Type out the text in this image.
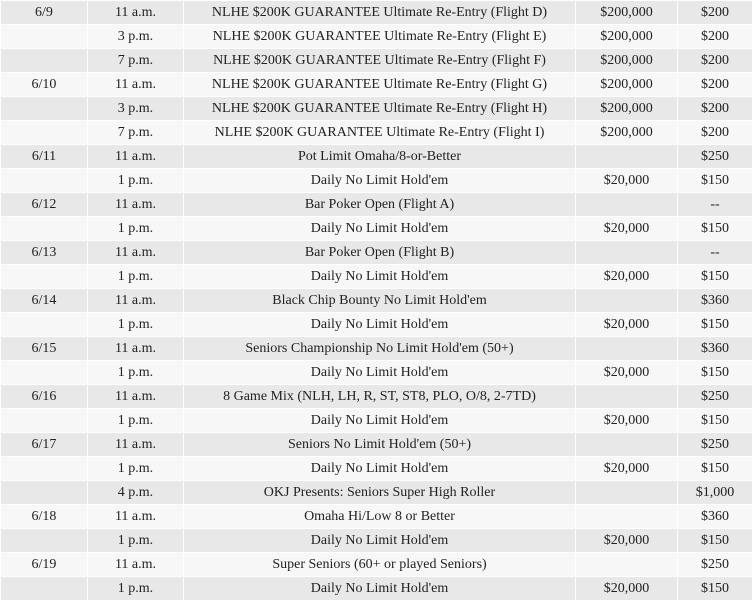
6/9	11 a.m.	NLHE $200K GUARANTEE Ultimate Re-Entry (Flight D)	$200,000	$200
	3 p.m.	NLHE $200K GUARANTEE Ultimate Re-Entry (Flight E)	$200,000	$200
	7 p.m.	NLHE $200K GUARANTEE Ultimate Re-Entry (Flight F)	$200,000	$200
6/10	11 a.m.	NLHE $200K GUARANTEE Ultimate Re-Entry (Flight G)	$200,000	$200
	3 p.m.	NLHE $200K GUARANTEE Ultimate Re-Entry (Flight H)	$200,000	$200
	7 p.m.	NLHE $200K GUARANTEE Ultimate Re-Entry (Flight I)	$200,000	$200
6/11	11 a.m.	Pot Limit Omaha/8-or-Better		$250
	1 p.m.	Daily No Limit Hold'em	$20,000	$150
6/12	11 a.m.	Bar Poker Open (Flight A)		--
	1 p.m.	Daily No Limit Hold'em	$20,000	$150
6/13	11 a.m.	Bar Poker Open (Flight B)		--
	1 p.m.	Daily No Limit Hold'em	$20,000	$150
6/14	11 a.m.	Black Chip Bounty No Limit Hold'em		$360
	1 p.m.	Daily No Limit Hold'em	$20,000	$150
6/15	11 a.m.	Seniors Championship No Limit Hold'em (50+)		$360
	1 p.m.	Daily No Limit Hold'em	$20,000	$150
6/16	11 a.m.	8 Game Mix (NLH, LH, R, ST, ST8, PLO, O/8, 2-7TD)		$250
	1 p.m.	Daily No Limit Hold'em	$20,000	$150
6/17	11 a.m.	Seniors No Limit Hold'em (50+)		$250
	1 p.m.	Daily No Limit Hold'em	$20,000	$150
	4 p.m.	OKJ Presents: Seniors Super High Roller		$1,000
6/18	11 a.m.	Omaha Hi/Low 8 or Better		$360
	1 p.m.	Daily No Limit Hold'em	$20,000	$150
6/19	11 a.m.	Super Seniors (60+ or played Seniors)		$250
	1 p.m.	Daily No Limit Hold'em	$20,000	$150
